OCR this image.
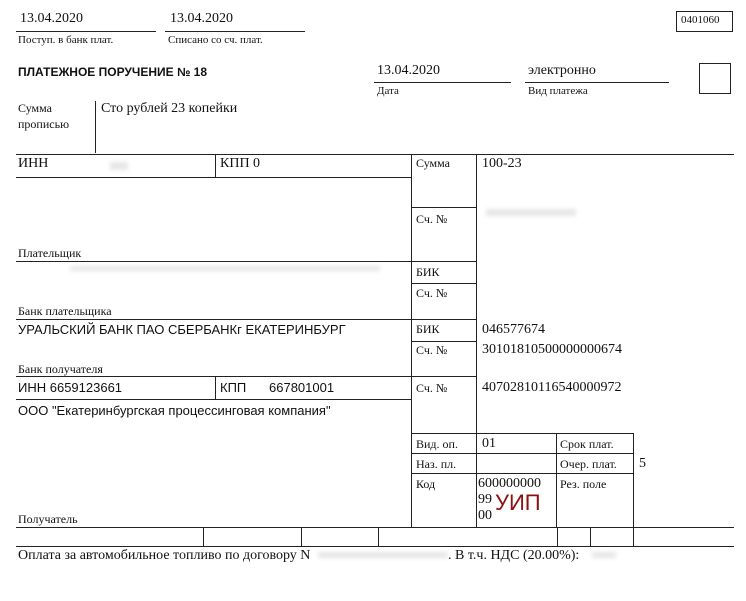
13.04.2020
Поступ. в банк плат.
13.04.2020
Списано со сч. плат.
0401060
ПЛАТЕЖНОЕ ПОРУЧЕНИЕ № 18	13.04.2020
Дата
электронно
Вид платежа
Сумма
прописью
Сто рублей 23 копейки
ИНН	КПП 0
Плательщик
Банк плательщика
Сумма 100-23
Сч. №
БИК
Сч. №
УРАЛЬСКИЙ БАНК ПАО СБЕРБАНКг ЕКАТЕРИНБУРГ
Банк получателя
БИК	046577674
Сч. № 30101810500000000674
ИНН 6659123661	КПП 667801001	Сч. № 40702810116540000972
ООО "Екатеринбургская процессинговая компания"
Получатель
Вид. оп. 01	Срок плат.
Наз. пл.	Очер. плат. 5
Код	600000000
99
00
УИП
Рез. поле
Оплата за автомобильное топливо по договору N	. В т.ч. НДС (20.00%):
